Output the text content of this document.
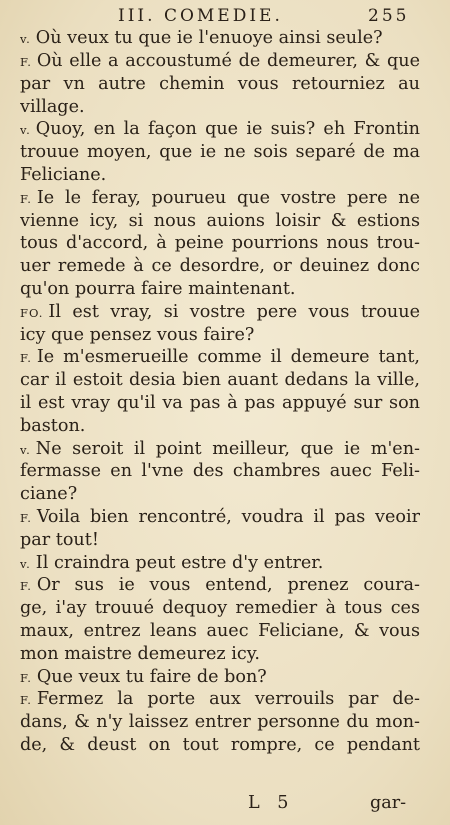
III. COMEDIE.	255
v. Où veux tu que ie l'enuoye ainsi seule?
F. Où elle a accoustumé de demeurer, & que
par vn autre chemin vous retourniez au
village.
v. Quoy, en la façon que ie suis? eh Frontin
trouue moyen, que ie ne sois separé de ma
Feliciane.
F. Ie le feray, pourueu que vostre pere ne
vienne icy, si nous auions loisir & estions
tous d'accord, à peine pourrions nous trou-
uer remede à ce desordre, or deuinez donc
qu'on pourra faire maintenant.
FO. Il est vray, si vostre pere vous trouue
icy que pensez vous faire?
F. Ie m'esmerueille comme il demeure tant,
car il estoit desia bien auant dedans la ville,
il est vray qu'il va pas à pas appuyé sur son
baston.
v. Ne seroit il point meilleur, que ie m'en-
fermasse en l'vne des chambres auec Feli-
ciane?
F. Voila bien rencontré, voudra il pas veoir
par tout!
v. Il craindra peut estre d'y entrer.
F. Or sus ie vous entend, prenez coura-
ge, i'ay trouué dequoy remedier à tous ces
maux, entrez leans auec Feliciane, & vous
mon maistre demeurez icy.
F. Que veux tu faire de bon?
F. Fermez la porte aux verrouils par de-
dans, & n'y laissez entrer personne du mon-
de, & deust on tout rompre, ce pendant
L 5	gar-
